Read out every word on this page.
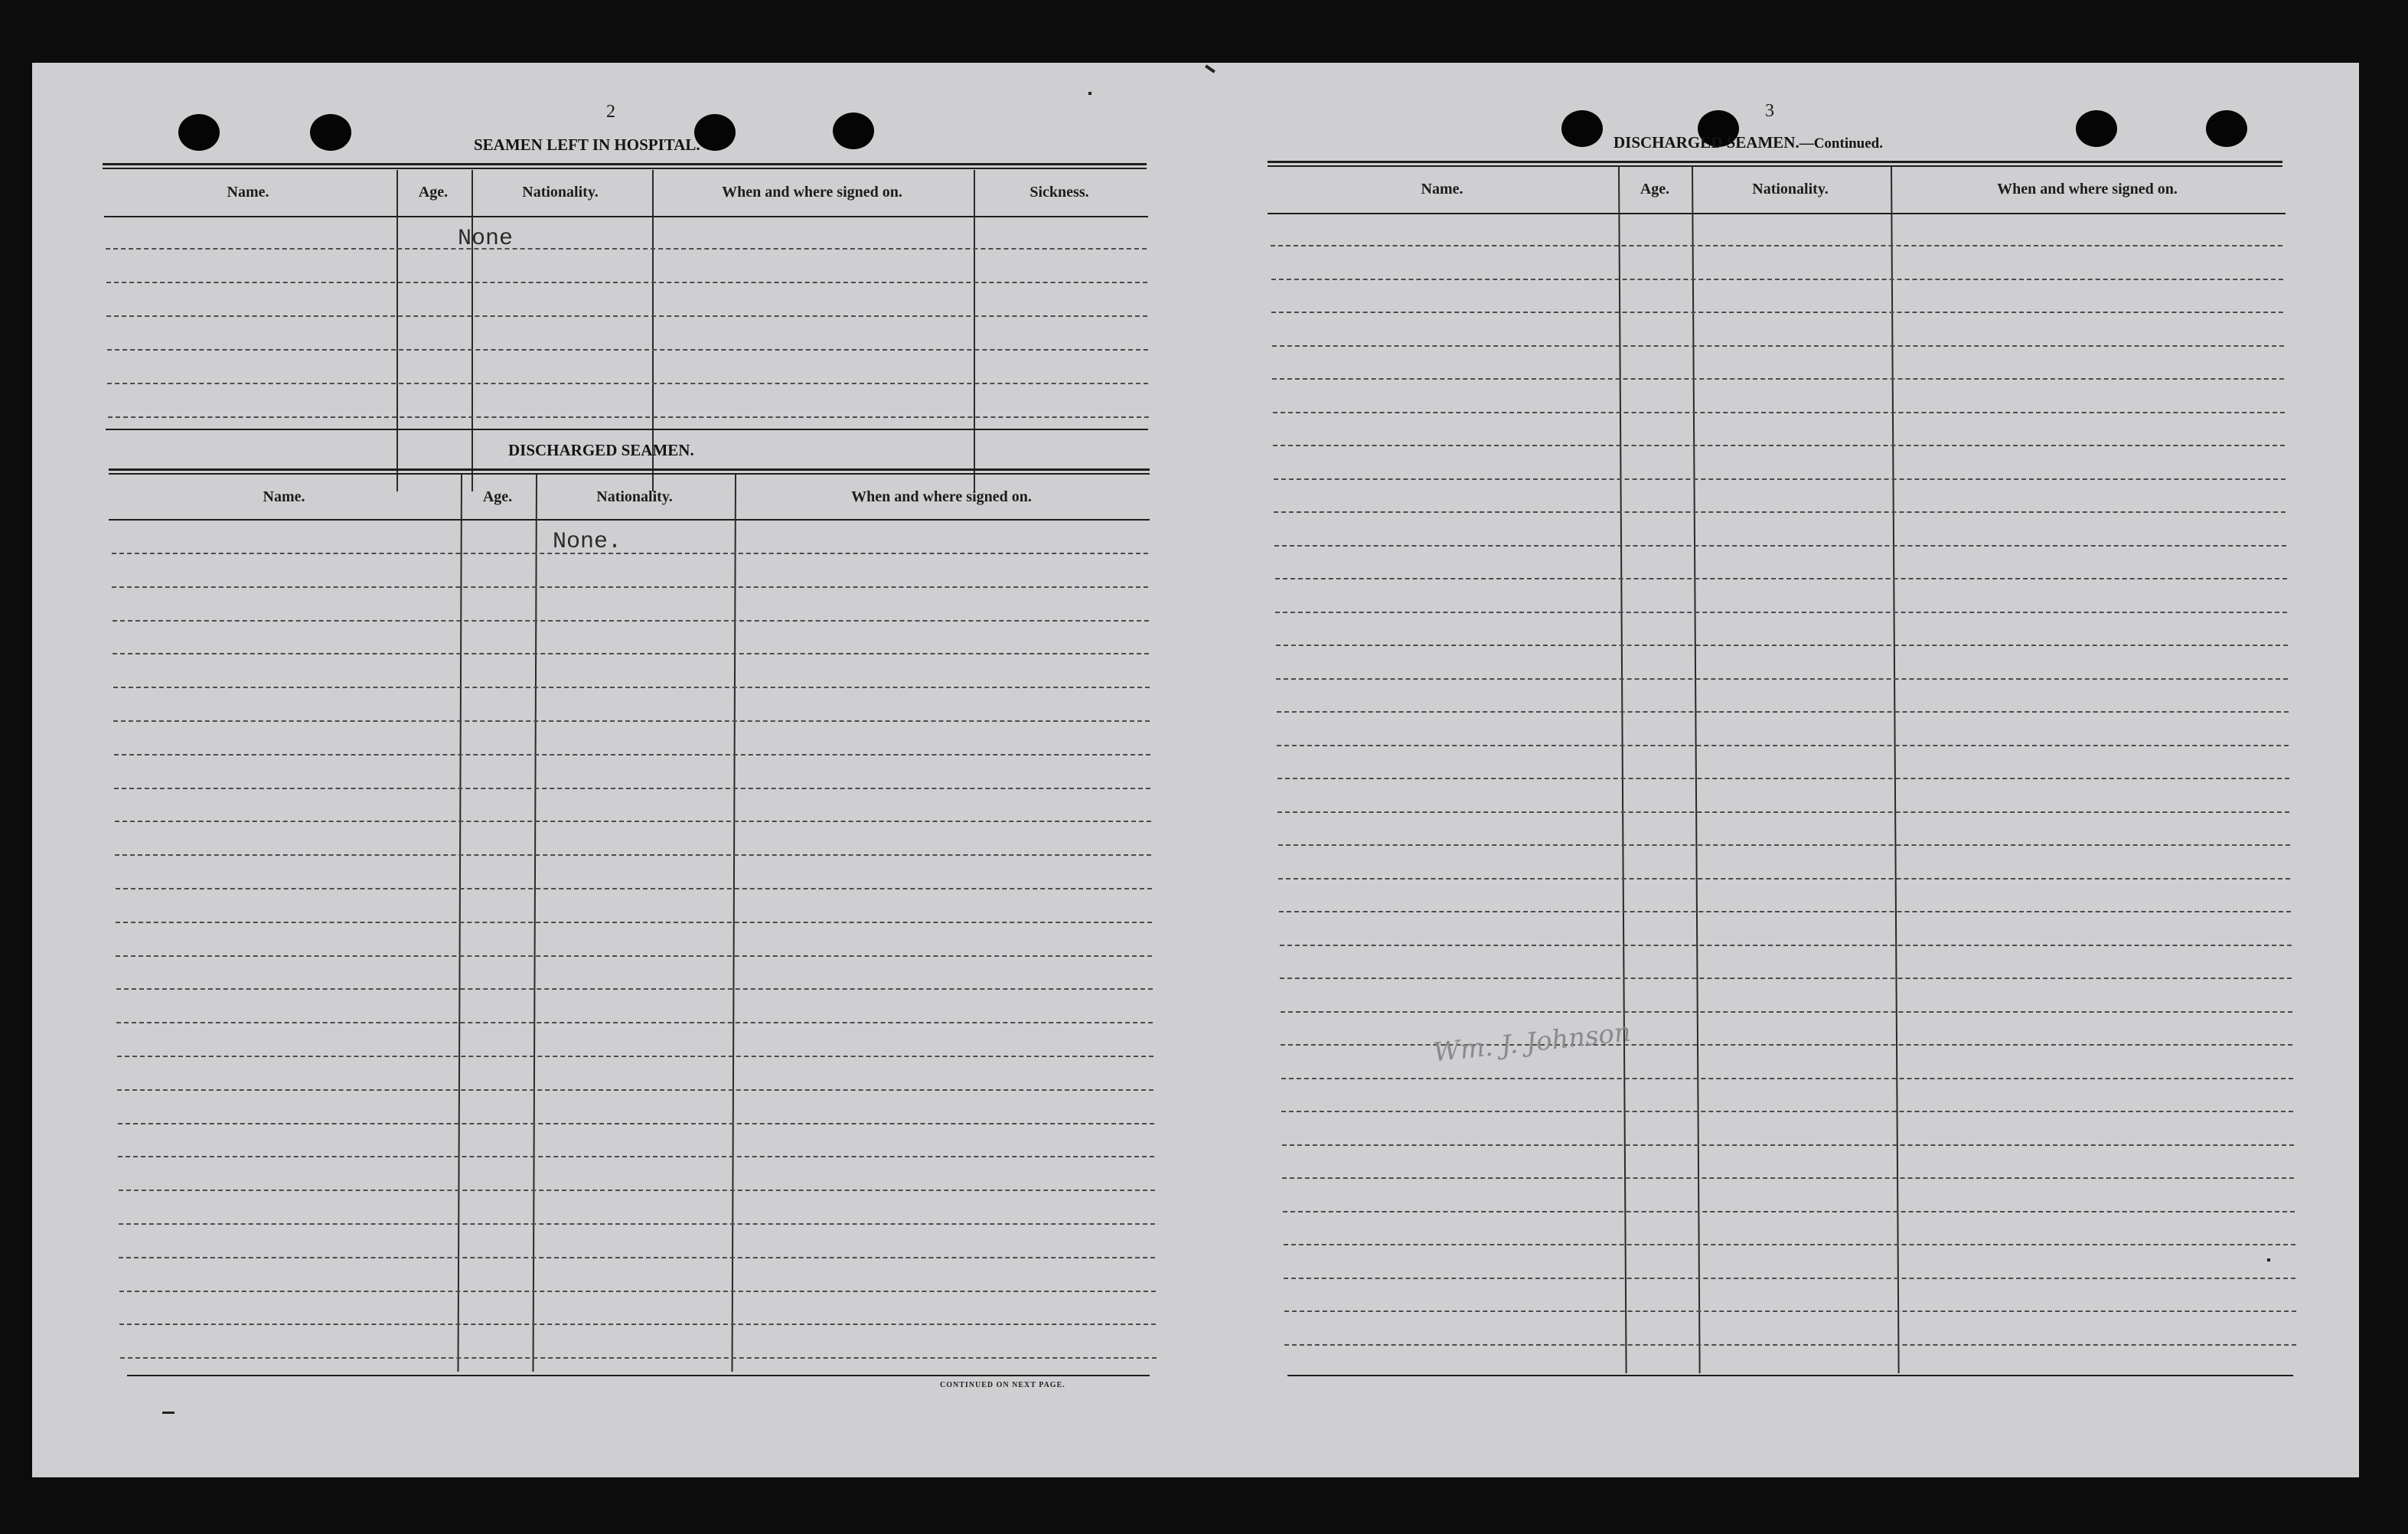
2
SEAMEN LEFT IN HOSPITAL.
Name.	Age.	Nationality.	When and where signed on.	Sickness.
None
DISCHARGED SEAMEN.
Name.	Age.	Nationality.	When and where signed on.
None.
CONTINUED ON NEXT PAGE.
3
DISCHARGED SEAMEN.—Continued.
Name.	Age.	Nationality.	When and where signed on.
Wm. J. Johnson
